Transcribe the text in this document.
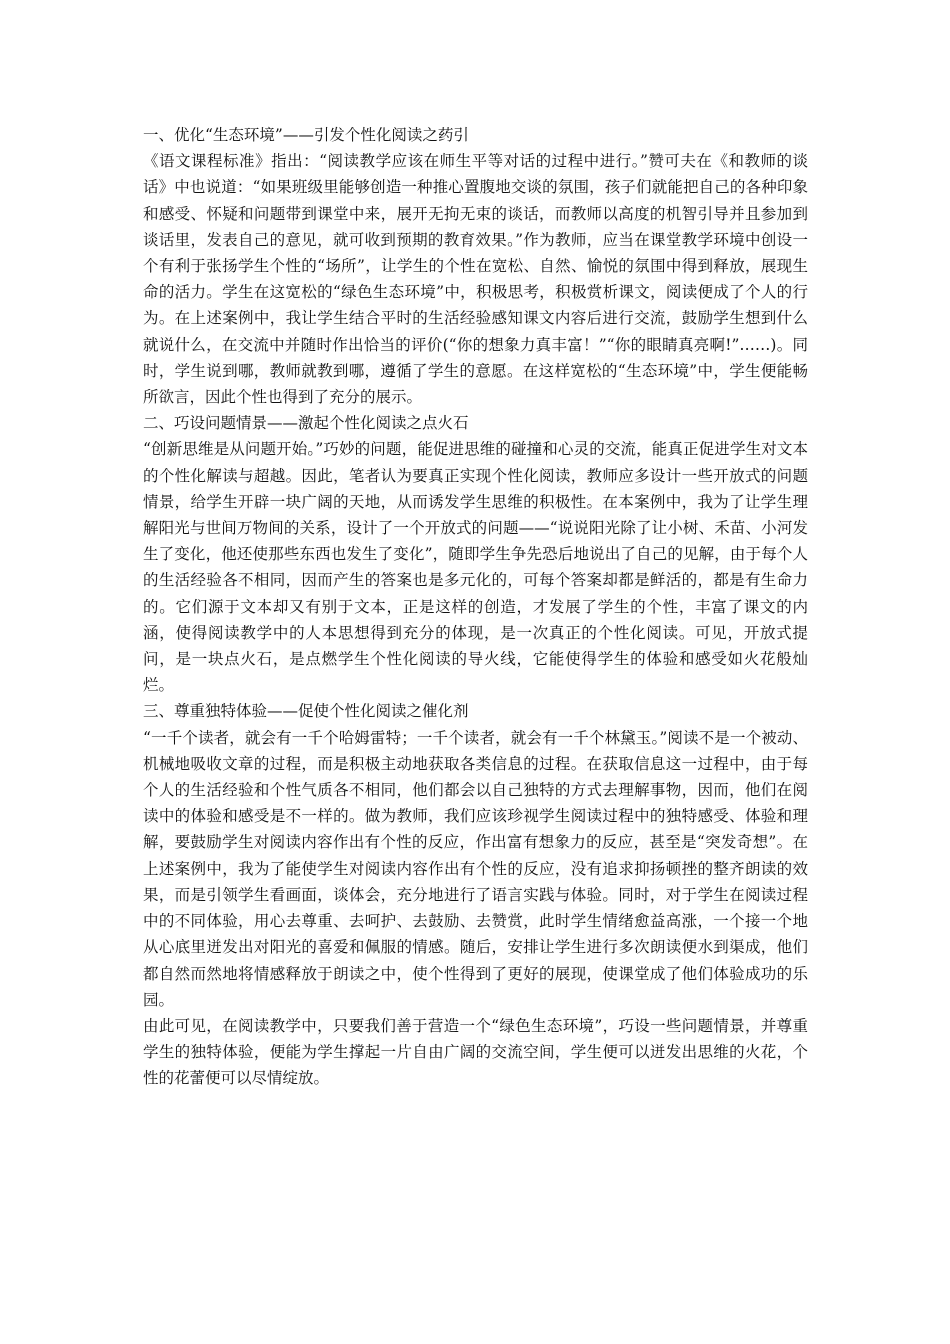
一、优化“生态环境”——引发个性化阅读之药引

《语文课程标准》指出：“阅读教学应该在师生平等对话的过程中进行。”赞可夫在《和教师的谈话》中也说道：“如果班级里能够创造一种推心置腹地交谈的氛围，孩子们就能把自己的各种印象和感受、怀疑和问题带到课堂中来，展开无拘无束的谈话，而教师以高度的机智引导并且参加到谈话里，发表自己的意见，就可收到预期的教育效果。”作为教师，应当在课堂教学环境中创设一个有利于张扬学生个性的“场所”，让学生的个性在宽松、自然、愉悦的氛围中得到释放，展现生命的活力。学生在这宽松的“绿色生态环境”中，积极思考，积极赏析课文，阅读便成了个人的行为。在上述案例中，我让学生结合平时的生活经验感知课文内容后进行交流，鼓励学生想到什么就说什么，在交流中并随时作出恰当的评价(“你的想象力真丰富！”“你的眼睛真亮啊!”……)。同时，学生说到哪，教师就教到哪，遵循了学生的意愿。在这样宽松的“生态环境”中，学生便能畅所欲言，因此个性也得到了充分的展示。

二、巧设问题情景——激起个性化阅读之点火石

“创新思维是从问题开始。”巧妙的问题，能促进思维的碰撞和心灵的交流，能真正促进学生对文本的个性化解读与超越。因此，笔者认为要真正实现个性化阅读，教师应多设计一些开放式的问题情景，给学生开辟一块广阔的天地，从而诱发学生思维的积极性。在本案例中，我为了让学生理解阳光与世间万物间的关系，设计了一个开放式的问题——“说说阳光除了让小树、禾苗、小河发生了变化，他还使那些东西也发生了变化”，随即学生争先恐后地说出了自己的见解，由于每个人的生活经验各不相同，因而产生的答案也是多元化的，可每个答案却都是鲜活的，都是有生命力的。它们源于文本却又有别于文本，正是这样的创造，才发展了学生的个性，丰富了课文的内涵，使得阅读教学中的人本思想得到充分的体现，是一次真正的个性化阅读。可见，开放式提问，是一块点火石，是点燃学生个性化阅读的导火线，它能使得学生的体验和感受如火花般灿烂。

三、尊重独特体验——促使个性化阅读之催化剂

“一千个读者，就会有一千个哈姆雷特；一千个读者，就会有一千个林黛玉。”阅读不是一个被动、机械地吸收文章的过程，而是积极主动地获取各类信息的过程。在获取信息这一过程中，由于每个人的生活经验和个性气质各不相同，他们都会以自己独特的方式去理解事物，因而，他们在阅读中的体验和感受是不一样的。做为教师，我们应该珍视学生阅读过程中的独特感受、体验和理解，要鼓励学生对阅读内容作出有个性的反应，作出富有想象力的反应，甚至是“突发奇想”。在上述案例中，我为了能使学生对阅读内容作出有个性的反应，没有追求抑扬顿挫的整齐朗读的效果，而是引领学生看画面，谈体会，充分地进行了语言实践与体验。同时，对于学生在阅读过程中的不同体验，用心去尊重、去呵护、去鼓励、去赞赏，此时学生情绪愈益高涨，一个接一个地从心底里迸发出对阳光的喜爱和佩服的情感。随后，安排让学生进行多次朗读便水到渠成，他们都自然而然地将情感释放于朗读之中，使个性得到了更好的展现，使课堂成了他们体验成功的乐园。

由此可见，在阅读教学中，只要我们善于营造一个“绿色生态环境”，巧设一些问题情景，并尊重学生的独特体验，便能为学生撑起一片自由广阔的交流空间，学生便可以迸发出思维的火花，个性的花蕾便可以尽情绽放。
